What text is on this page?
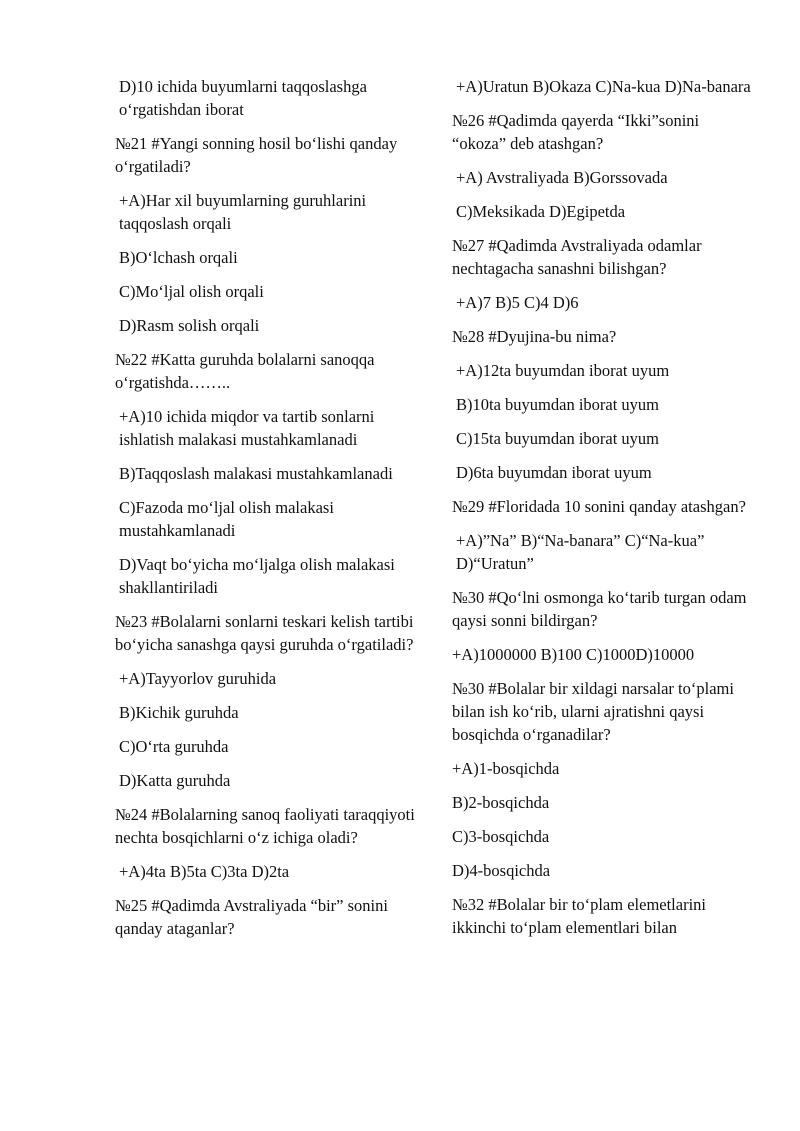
D)10 ichida buyumlarni taqqoslashga o‘rgatishdan iborat
№21 #Yangi sonning hosil bo‘lishi qanday o‘rgatiladi?
+A)Har xil buyumlarning guruhlarini taqqoslash orqali
B)O‘lchash orqali
C)Mo‘ljal olish orqali
D)Rasm solish orqali
№22 #Katta guruhda bolalarni sanoqqa o‘rgatishda……..
+A)10 ichida miqdor va tartib sonlarni ishlatish malakasi mustahkamlanadi
B)Taqqoslash malakasi mustahkamlanadi
C)Fazoda mo‘ljal olish malakasi mustahkamlanadi
D)Vaqt bo‘yicha mo‘ljalga olish malakasi shakllantiriladi
№23 #Bolalarni sonlarni teskari kelish tartibi bo‘yicha sanashga qaysi guruhda o‘rgatiladi?
+A)Tayyorlov guruhida
B)Kichik guruhda
C)O‘rta guruhda
D)Katta guruhda
№24 #Bolalarning sanoq faoliyati taraqqiyoti nechta bosqichlarni o‘z ichiga oladi?
+A)4ta B)5ta C)3ta D)2ta
№25 #Qadimda Avstraliyada “bir” sonini qanday ataganlar?
+A)Uratun B)Okaza C)Na-kua D)Na-banara
№26 #Qadimda qayerda “Ikki”sonini “okoza” deb atashgan?
+A) Avstraliyada B)Gorssovada
C)Meksikada D)Egipetda
№27 #Qadimda Avstraliyada odamlar nechtagacha sanashni bilishgan?
+A)7 B)5 C)4 D)6
№28 #Dyujina-bu nima?
+A)12ta buyumdan iborat uyum
B)10ta buyumdan iborat uyum
C)15ta buyumdan iborat uyum
D)6ta buyumdan iborat uyum
№29 #Floridada 10 sonini qanday atashgan?
+A)”Na” B)“Na-banara” C)“Na-kua” D)“Uratun”
№30 #Qo‘lni osmonga ko‘tarib turgan odam qaysi sonni bildirgan?
+A)1000000 B)100 C)1000D)10000
№30 #Bolalar bir xildagi narsalar to‘plami bilan ish ko‘rib, ularni ajratishni qaysi bosqichda o‘rganadilar?
+A)1-bosqichda
B)2-bosqichda
C)3-bosqichda
D)4-bosqichda
№32 #Bolalar bir to‘plam elemetlarini ikkinchi to‘plam elementlari bilan
